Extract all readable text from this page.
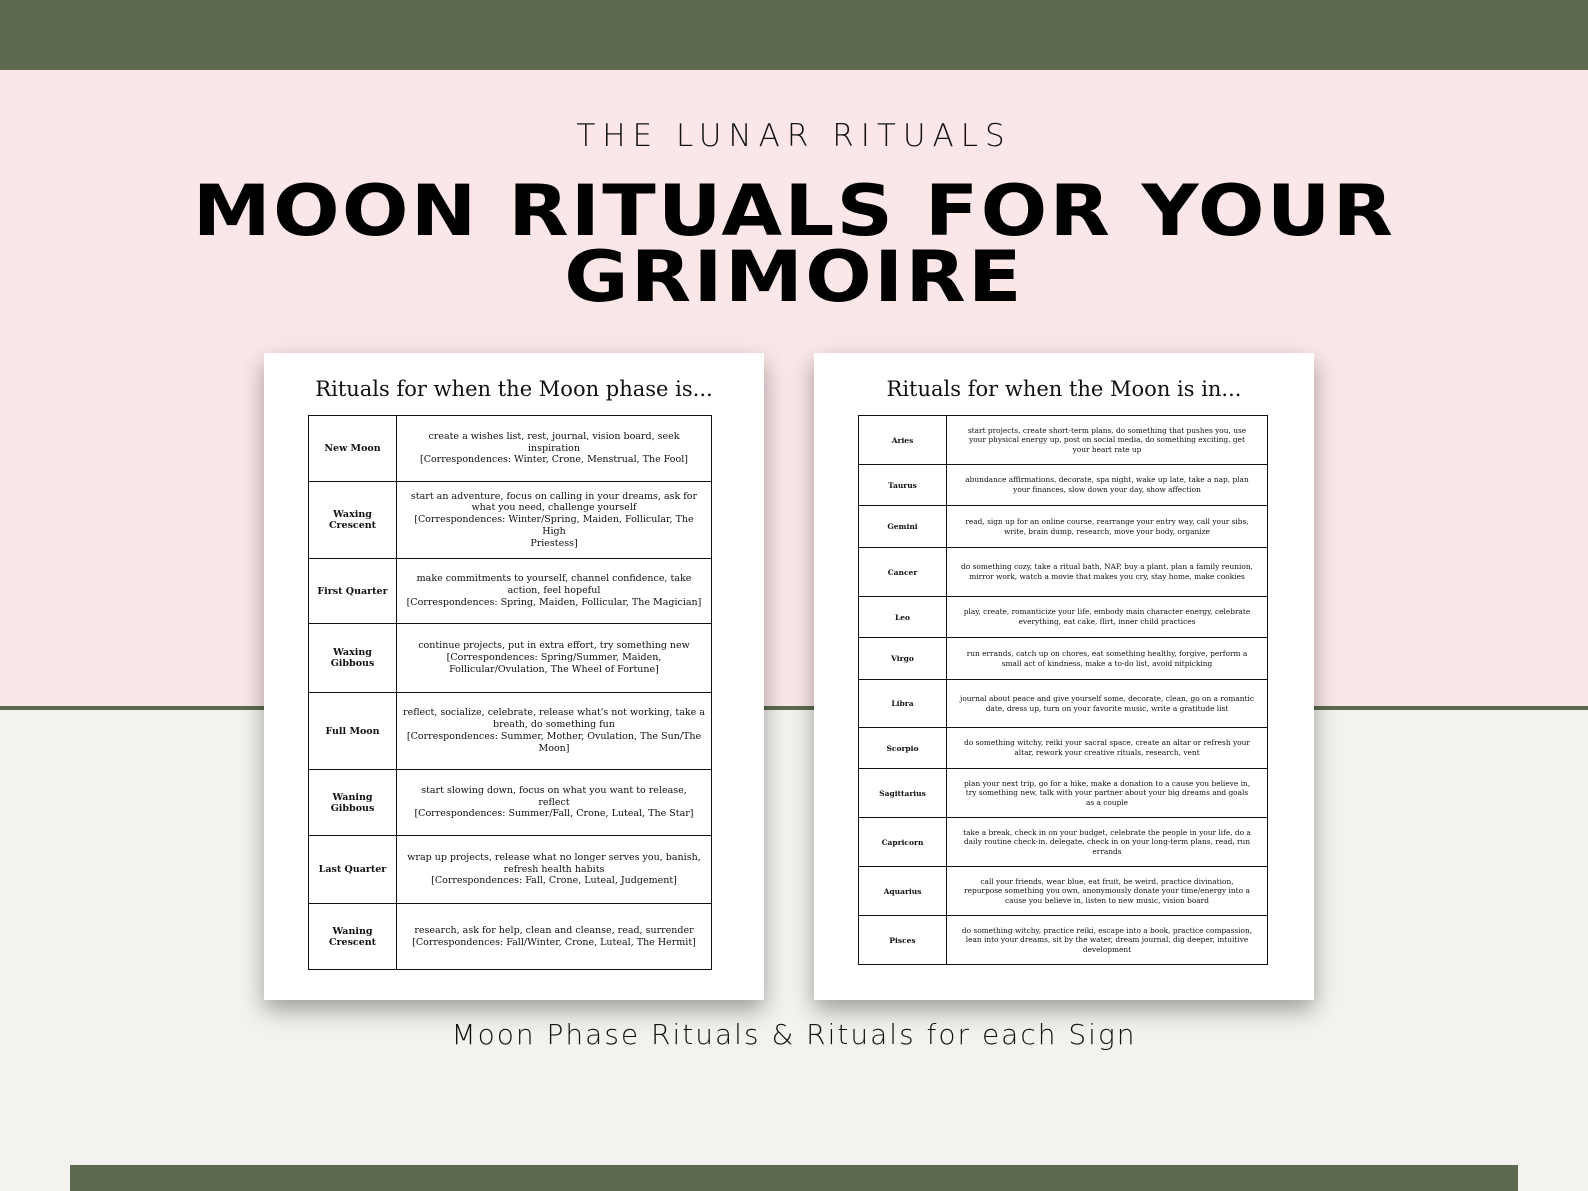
THE LUNAR RITUALS
MOON RITUALS FOR YOUR
GRIMOIRE
Rituals for when the Moon phase is...
New Moon	create a wishes list, rest, journal, vision board, seek
inspiration
[Correspondences: Winter, Crone, Menstrual, The Fool]

Waxing
Crescent	start an adventure, focus on calling in your dreams, ask for
what you need, challenge yourself
[Correspondences: Winter/Spring, Maiden, Follicular, The High
Priestess]

First Quarter	make commitments to yourself, channel confidence, take
action, feel hopeful
[Correspondences: Spring, Maiden, Follicular, The Magician]

Waxing
Gibbous	continue projects, put in extra effort, try something new
[Correspondences: Spring/Summer, Maiden,
Follicular/Ovulation, The Wheel of Fortune]

Full Moon	reflect, socialize, celebrate, release what's not working, take a
breath, do something fun
[Correspondences: Summer, Mother, Ovulation, The Sun/The
Moon]

Waning
Gibbous	start slowing down, focus on what you want to release,
reflect
[Correspondences: Summer/Fall, Crone, Luteal, The Star]

Last Quarter	wrap up projects, release what no longer serves you, banish,
refresh health habits
[Correspondences: Fall, Crone, Luteal, Judgement]

Waning
Crescent	research, ask for help, clean and cleanse, read, surrender
[Correspondences: Fall/Winter, Crone, Luteal, The Hermit]
Rituals for when the Moon is in...
Aries	start projects, create short-term plans, do something that pushes you, use
your physical energy up, post on social media, do something exciting, get
your heart rate up

Taurus	abundance affirmations, decorate, spa night, wake up late, take a nap, plan
your finances, slow down your day, show affection

Gemini	read, sign up for an online course, rearrange your entry way, call your sibs,
write, brain dump, research, move your body, organize

Cancer	do something cozy, take a ritual bath, NAP, buy a plant, plan a family reunion,
mirror work, watch a movie that makes you cry, stay home, make cookies

Leo	play, create, romanticize your life, embody main character energy, celebrate
everything, eat cake, flirt, inner child practices

Virgo	run errands, catch up on chores, eat something healthy, forgive, perform a
small act of kindness, make a to-do list, avoid nitpicking

Libra	journal about peace and give yourself some, decorate, clean, go on a romantic
date, dress up, turn on your favorite music, write a gratitude list

Scorpio	do something witchy, reiki your sacral space, create an altar or refresh your
altar, rework your creative rituals, research, vent

Sagittarius	plan your next trip, go for a hike, make a donation to a cause you believe in,
try something new, talk with your partner about your big dreams and goals
as a couple

Capricorn	take a break, check in on your budget, celebrate the people in your life, do a
daily routine check-in, delegate, check in on your long-term plans, read, run
errands

Aquarius	call your friends, wear blue, eat fruit, be weird, practice divination,
repurpose something you own, anonymously donate your time/energy into a
cause you believe in, listen to new music, vision board

Pisces	do something witchy, practice reiki, escape into a book, practice compassion,
lean into your dreams, sit by the water, dream journal, dig deeper, intuitive
development
Moon Phase Rituals & Rituals for each Sign
